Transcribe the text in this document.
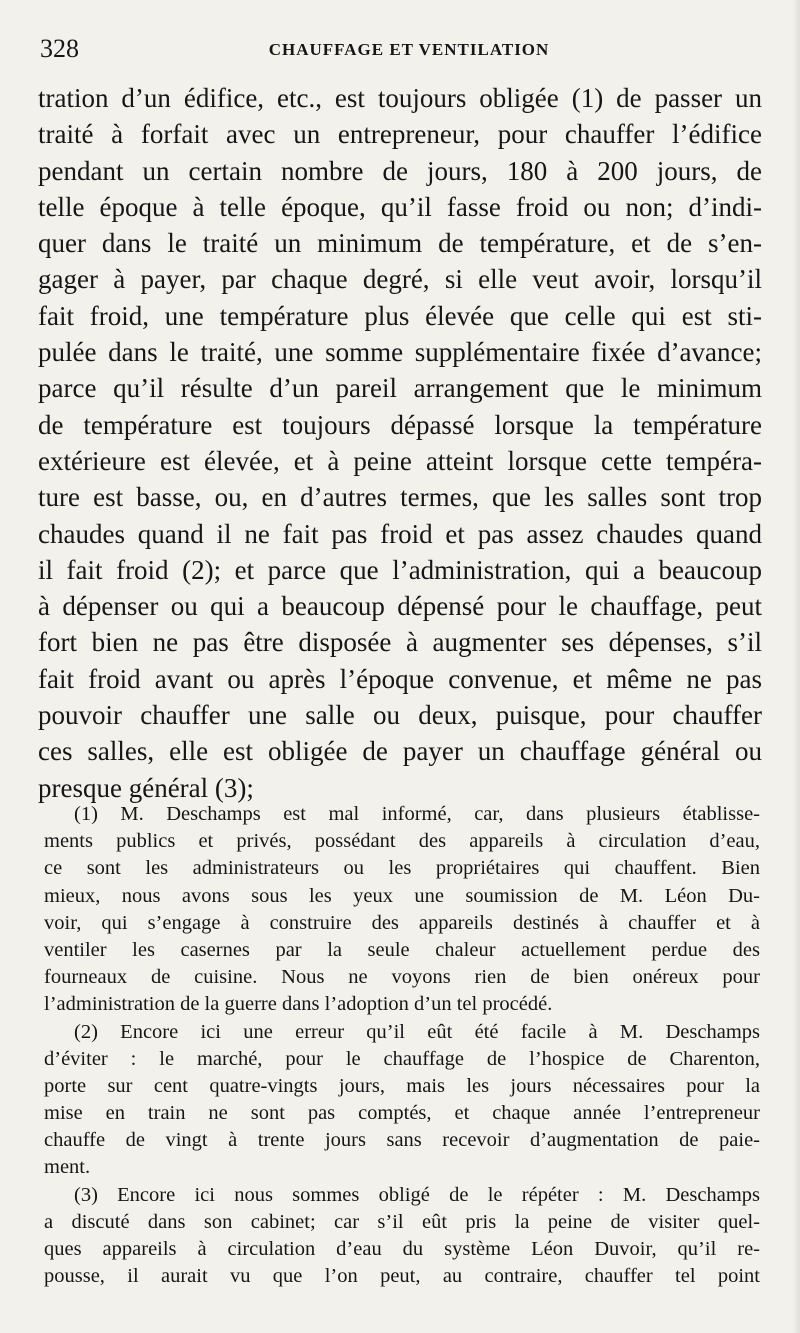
328	CHAUFFAGE ET VENTILATION
tration d’un édifice, etc., est toujours obligée (1) de passer un
traité à forfait avec un entrepreneur, pour chauffer l’édifice
pendant un certain nombre de jours, 180 à 200 jours, de
telle époque à telle époque, qu’il fasse froid ou non; d’indi-
quer dans le traité un minimum de température, et de s’en-
gager à payer, par chaque degré, si elle veut avoir, lorsqu’il
fait froid, une température plus élevée que celle qui est sti-
pulée dans le traité, une somme supplémentaire fixée d’avance;
parce qu’il résulte d’un pareil arrangement que le minimum
de température est toujours dépassé lorsque la température
extérieure est élevée, et à peine atteint lorsque cette tempéra-
ture est basse, ou, en d’autres termes, que les salles sont trop
chaudes quand il ne fait pas froid et pas assez chaudes quand
il fait froid (2); et parce que l’administration, qui a beaucoup
à dépenser ou qui a beaucoup dépensé pour le chauffage, peut
fort bien ne pas être disposée à augmenter ses dépenses, s’il
fait froid avant ou après l’époque convenue, et même ne pas
pouvoir chauffer une salle ou deux, puisque, pour chauffer
ces salles, elle est obligée de payer un chauffage général ou
presque général (3);
(1) M. Deschamps est mal informé, car, dans plusieurs établisse-
ments publics et privés, possédant des appareils à circulation d’eau,
ce sont les administrateurs ou les propriétaires qui chauffent. Bien
mieux, nous avons sous les yeux une soumission de M. Léon Du-
voir, qui s’engage à construire des appareils destinés à chauffer et à
ventiler les casernes par la seule chaleur actuellement perdue des
fourneaux de cuisine. Nous ne voyons rien de bien onéreux pour
l’administration de la guerre dans l’adoption d’un tel procédé.
(2) Encore ici une erreur qu’il eût été facile à M. Deschamps
d’éviter : le marché, pour le chauffage de l’hospice de Charenton,
porte sur cent quatre-vingts jours, mais les jours nécessaires pour la
mise en train ne sont pas comptés, et chaque année l’entrepreneur
chauffe de vingt à trente jours sans recevoir d’augmentation de paie-
ment.
(3) Encore ici nous sommes obligé de le répéter : M. Deschamps
a discuté dans son cabinet; car s’il eût pris la peine de visiter quel-
ques appareils à circulation d’eau du système Léon Duvoir, qu’il re-
pousse, il aurait vu que l’on peut, au contraire, chauffer tel point
